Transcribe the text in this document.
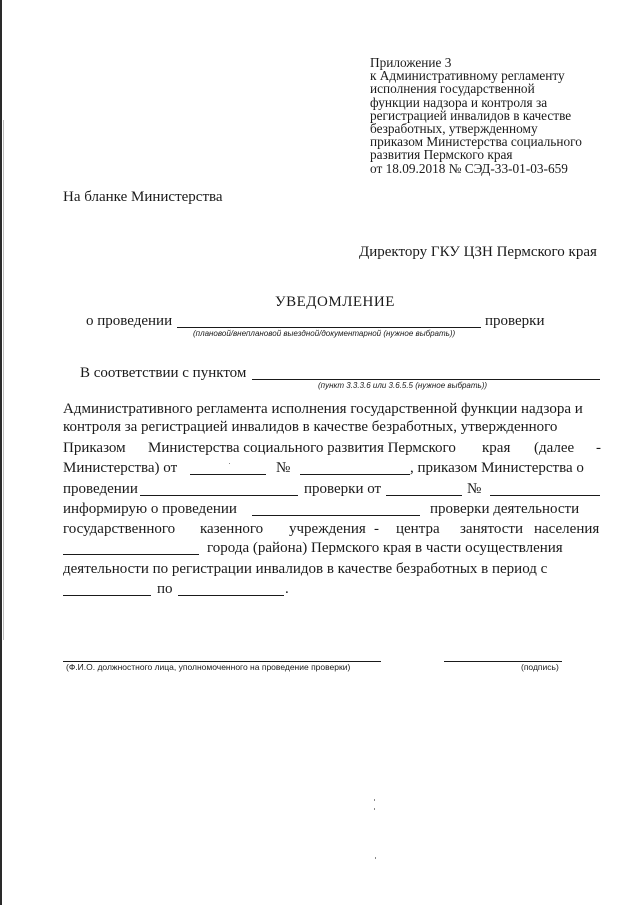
Приложение 3
к Административному регламенту
исполнения государственной
функции надзора и контроля за
регистрацией инвалидов в качестве
безработных, утвержденному
приказом Министерства социального
развития Пермского края
от 18.09.2018 № СЭД-33-01-03-659
На бланке Министерства
Директору ГКУ ЦЗН Пермского края
УВЕДОМЛЕНИЕ
о проведении	проверки
(плановой/внеплановой выездной/документарной (нужное выбрать))
В соответствии с пунктом
(пункт 3.3.3.6 или 3.6.5.5 (нужное выбрать))
Административного регламента исполнения государственной функции надзора и
контроля за регистрацией инвалидов в качестве безработных, утвержденного
Приказом Министерства социального развития Пермского края (далее -
Министерства) от	№	, приказом Министерства о
проведении	проверки от	№
информирую о проведении	проверки деятельности
государственного казенного учреждения - центра занятости населения
города (района) Пермского края в части осуществления
деятельности по регистрации инвалидов в качестве безработных в период с
по	.
(Ф.И.О. должностного лица, уполномоченного на проведение проверки)	(подпись)
